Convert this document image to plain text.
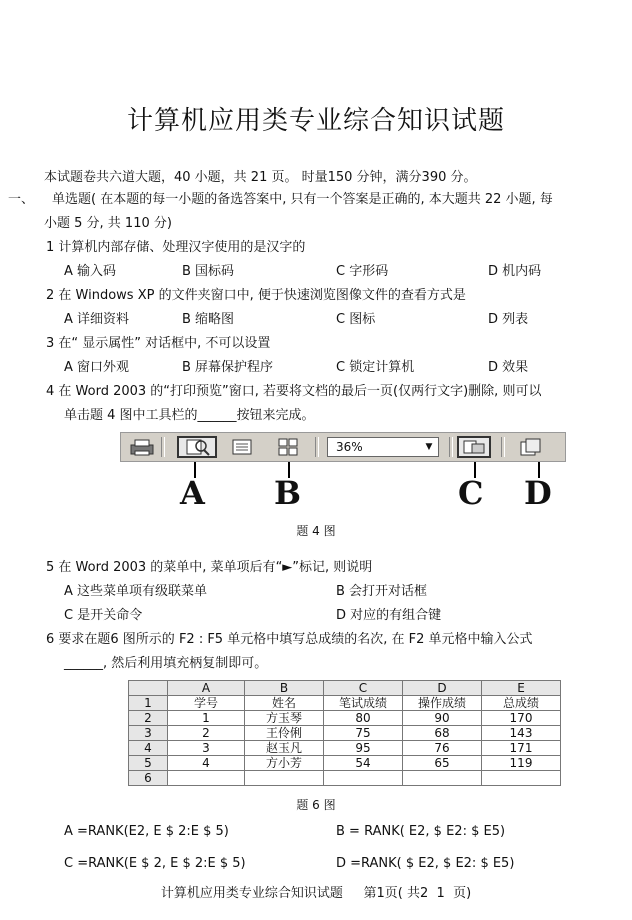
计算机应用类专业综合知识试题
本试题卷共六道大题，40 小题，共 21 页。 时量150 分钟，满分390 分。
一、 单选题( 在本题的每一小题的备选答案中, 只有一个答案是正确的, 本大题共 22 小题, 每
小题 5 分, 共 110 分)
1 计算机内部存储、处理汉字使用的是汉字的
A 输入码	B 国标码	C 字形码	D 机内码
2 在 Windows XP 的文件夹窗口中, 便于快速浏览图像文件的查看方式是
A 详细资料	B 缩略图	C 图标	D 列表
3 在“ 显示属性” 对话框中, 不可以设置
A 窗口外观	B 屏幕保护程序	C 锁定计算机	D 效果
4 在 Word 2003 的“打印预览”窗口, 若要将文档的最后一页(仅两行文字)删除, 则可以
单击题 4 图中工具栏的______按钮来完成。
36%	▼
A B	C D
题 4 图
5 在 Word 2003 的菜单中, 菜单项后有“►”标记, 则说明
A 这些菜单项有级联菜单	B 会打开对话框
C 是开关命令	D 对应的有组合键
6 要求在题6 图所示的 F2 : F5 单元格中填写总成绩的名次, 在 F2 单元格中输入公式
______, 然后利用填充柄复制即可。
	A	B	C	D	E
1	学号	姓名	笔试成绩	操作成绩	总成绩
2	1	方玉琴	80	90	170
3	2	王伶俐	75	68	143
4	3	赵玉凡	95	76	171
5	4	方小芳	54	65	119
6					
题 6 图
A =RANK(E2, E $ 2:E $ 5)	B = RANK( E2, $ E2: $ E5)
C =RANK(E $ 2, E $ 2:E $ 5)	D =RANK( $ E2, $ E2: $ E5)
计算机应用类专业综合知识试题     第1页( 共2  1  页)
